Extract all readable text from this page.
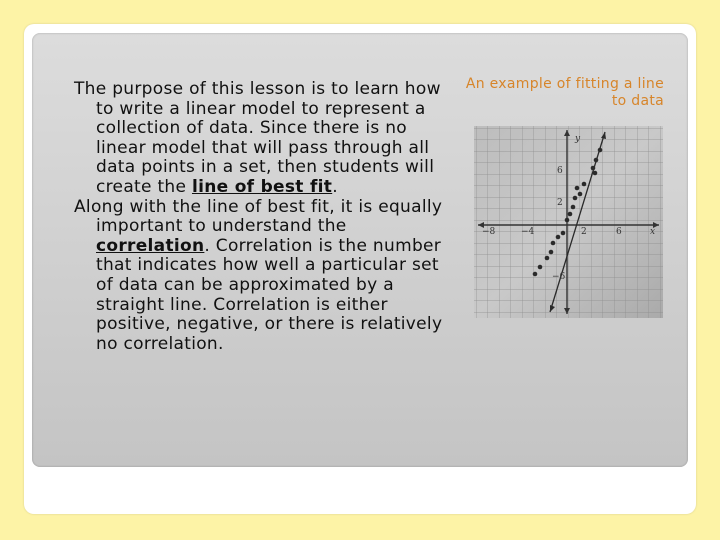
The purpose of this lesson is to learn how to write a linear model to represent a collection of data. Since there is no linear model that will pass through all data points in a set, then students will create the line of best fit.

Along with the line of best fit, it is equally important to understand the correlation. Correlation is the number that indicates how well a particular set of data can be approximated by a straight line. Correlation is either positive, negative, or there is relatively no correlation.

An example of fitting a line to data
y
x
−8	−4	2	6
6
2
−6
